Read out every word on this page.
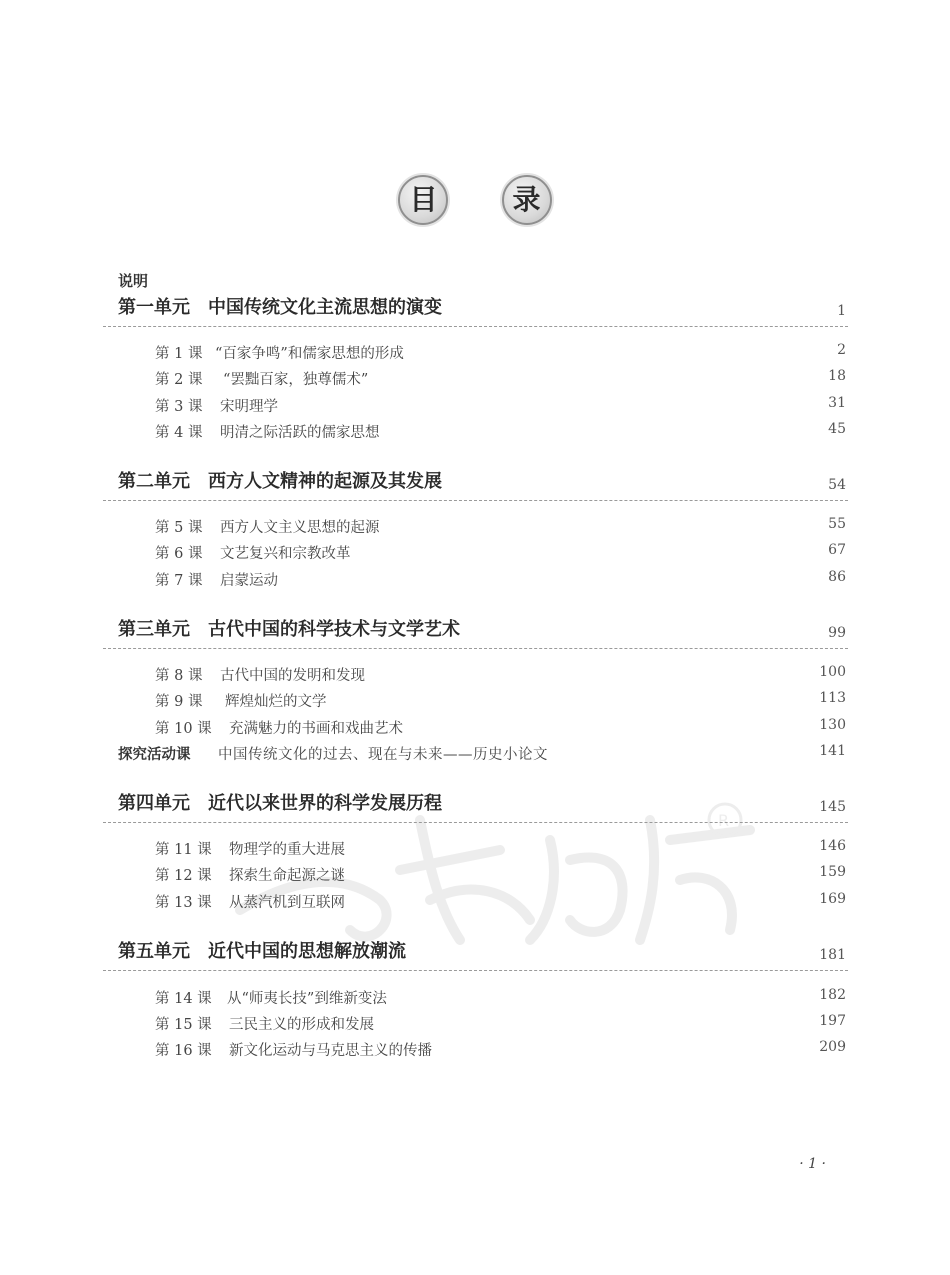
R
目	录
说明
第一单元 中国传统文化主流思想的演变	1
第 1 课 “百家争鸣”和儒家思想的形成	2
第 2 课 “罢黜百家，独尊儒术”	18
第 3 课 宋明理学	31
第 4 课 明清之际活跃的儒家思想	45
第二单元 西方人文精神的起源及其发展	54
第 5 课 西方人文主义思想的起源	55
第 6 课 文艺复兴和宗教改革	67
第 7 课 启蒙运动	86
第三单元 古代中国的科学技术与文学艺术	99
第 8 课 古代中国的发明和发现	100
第 9 课 辉煌灿烂的文学	113
第 10 课 充满魅力的书画和戏曲艺术	130
探究活动课 中国传统文化的过去、现在与未来——历史小论文	141
第四单元 近代以来世界的科学发展历程	145
第 11 课 物理学的重大进展	146
第 12 课 探索生命起源之谜	159
第 13 课 从蒸汽机到互联网	169
第五单元 近代中国的思想解放潮流	181
第 14 课 从“师夷长技”到维新变法	182
第 15 课 三民主义的形成和发展	197
第 16 课 新文化运动与马克思主义的传播	209
· 1 ·
